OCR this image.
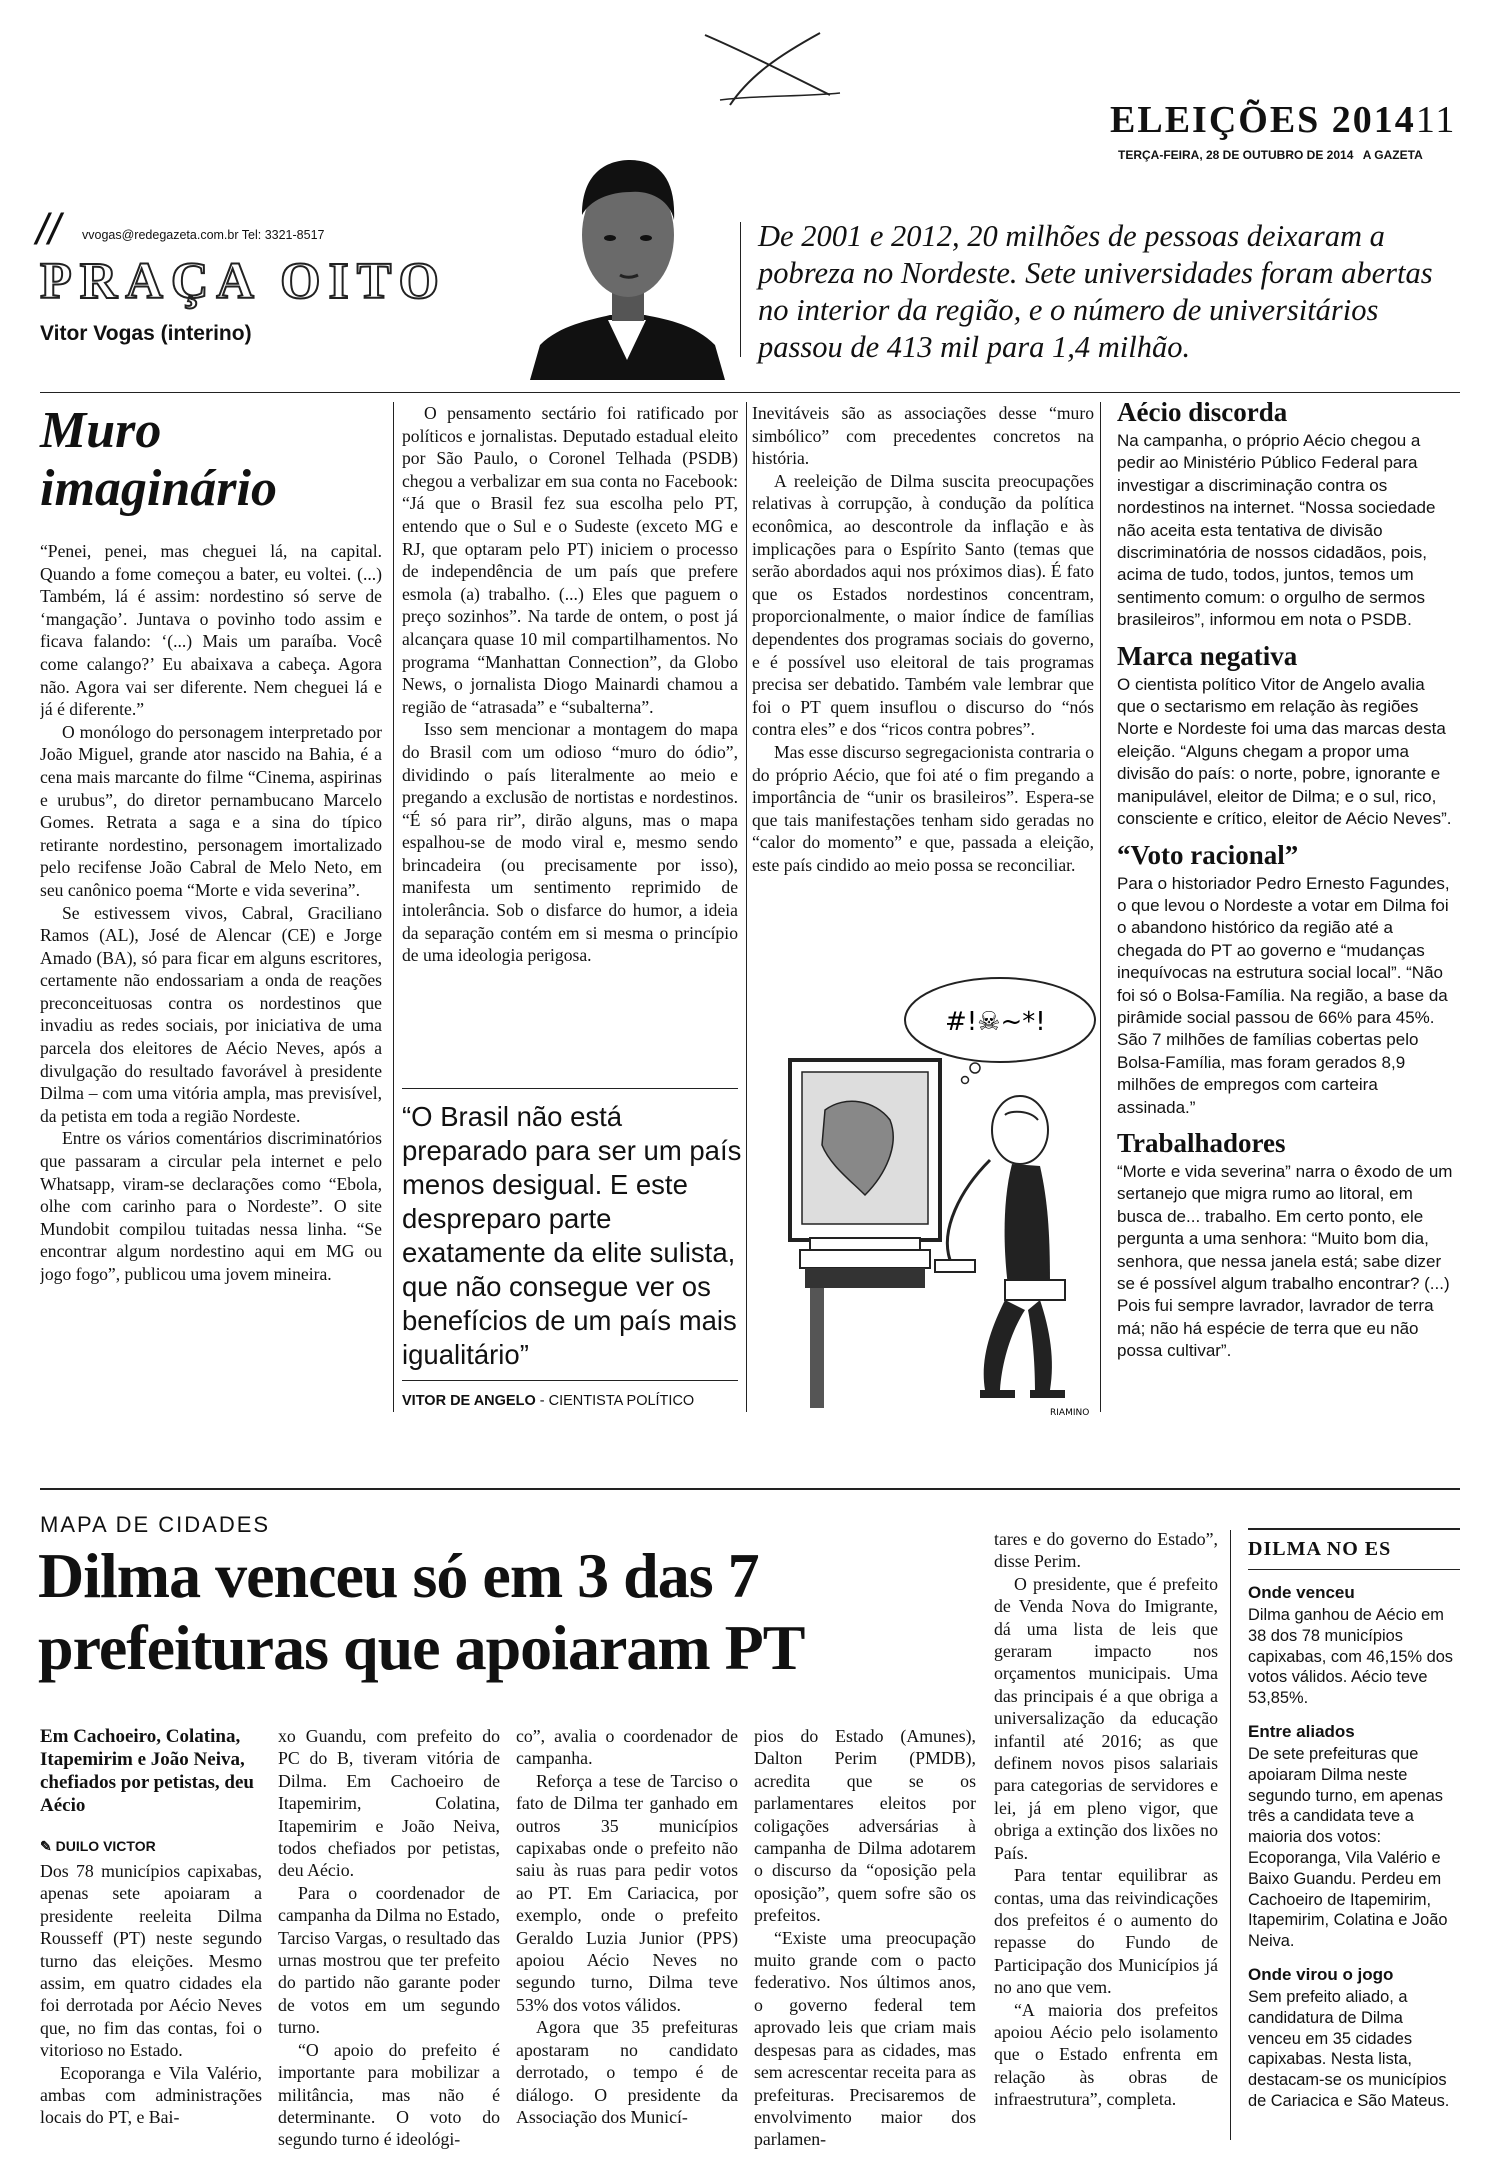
ELEIÇÕES 201411
TERÇA-FEIRA, 28 DE OUTUBRO DE 2014 A GAZETA
// vvogas@redegazeta.com.br Tel: 3321-8517
PRAÇA OITO
Vitor Vogas (interino)
De 2001 e 2012, 20 milhões de pessoas deixaram a pobreza no Nordeste. Sete universidades foram abertas no interior da região, e o número de universitários passou de 413 mil para 1,4 milhão.
Muro
imaginário

“Penei, penei, mas cheguei lá, na capital. Quando a fome começou a bater, eu voltei. (...) Também, lá é assim: nordestino só serve de ‘mangação’. Juntava o povinho todo assim e ficava falando: ‘(...) Mais um paraíba. Você come calango?’ Eu abaixava a cabeça. Agora não. Agora vai ser diferente. Nem cheguei lá e já é diferente.”

O monólogo do personagem interpretado por João Miguel, grande ator nascido na Bahia, é a cena mais marcante do filme “Cinema, aspirinas e urubus”, do diretor pernambucano Marcelo Gomes. Retrata a saga e a sina do típico retirante nordestino, personagem imortalizado pelo recifense João Cabral de Melo Neto, em seu canônico poema “Morte e vida severina”.

Se estivessem vivos, Cabral, Graciliano Ramos (AL), José de Alencar (CE) e Jorge Amado (BA), só para ficar em alguns escritores, certamente não endossariam a onda de reações preconceituosas contra os nordestinos que invadiu as redes sociais, por iniciativa de uma parcela dos eleitores de Aécio Neves, após a divulgação do resultado favorável à presidente Dilma – com uma vitória ampla, mas previsível, da petista em toda a região Nordeste.

Entre os vários comentários discriminatórios que passaram a circular pela internet e pelo Whatsapp, viram-se declarações como “Ebola, olhe com carinho para o Nordeste”. O site Mundobit compilou tuitadas nessa linha. “Se encontrar algum nordestino aqui em MG ou jogo fogo”, publicou uma jovem mineira.

O pensamento sectário foi ratificado por políticos e jornalistas. Deputado estadual eleito por São Paulo, o Coronel Telhada (PSDB) chegou a verbalizar em sua conta no Facebook: “Já que o Brasil fez sua escolha pelo PT, entendo que o Sul e o Sudeste (exceto MG e RJ, que optaram pelo PT) iniciem o processo de independência de um país que prefere esmola (a) trabalho. (...) Eles que paguem o preço sozinhos”. Na tarde de ontem, o post já alcançara quase 10 mil compartilhamentos. No programa “Manhattan Connection”, da Globo News, o jornalista Diogo Mainardi chamou a região de “atrasada” e “subalterna”.

Isso sem mencionar a montagem do mapa do Brasil com um odioso “muro do ódio”, dividindo o país literalmente ao meio e pregando a exclusão de nortistas e nordestinos. “É só para rir”, dirão alguns, mas o mapa espalhou-se de modo viral e, mesmo sendo brincadeira (ou precisamente por isso), manifesta um sentimento reprimido de intolerância. Sob o disfarce do humor, a ideia da separação contém em si mesma o princípio de uma ideologia perigosa.

“O Brasil não está preparado para ser um país menos desigual. E este despreparo parte exatamente da elite sulista, que não consegue ver os benefícios de um país mais igualitário”
VITOR DE ANGELO - CIENTISTA POLÍTICO

Inevitáveis são as associações desse “muro simbólico” com precedentes concretos na história.

A reeleição de Dilma suscita preocupações relativas à corrupção, à condução da política econômica, ao descontrole da inflação e às implicações para o Espírito Santo (temas que serão abordados aqui nos próximos dias). É fato que os Estados nordestinos concentram, proporcionalmente, o maior índice de famílias dependentes dos programas sociais do governo, e é possível uso eleitoral de tais programas precisa ser debatido. Também vale lembrar que foi o PT quem insuflou o discurso do “nós contra eles” e dos “ricos contra pobres”.

Mas esse discurso segregacionista contraria o do próprio Aécio, que foi até o fim pregando a importância de “unir os brasileiros”. Espera-se que tais manifestações tenham sido geradas no “calor do momento” e que, passada a eleição, este país cindido ao meio possa se reconciliar.

#!☠~*!
RIAMINO
Aécio discorda

Na campanha, o próprio Aécio chegou a pedir ao Ministério Público Federal para investigar a discriminação contra os nordestinos na internet. “Nossa sociedade não aceita esta tentativa de divisão discriminatória de nossos cidadãos, pois, acima de tudo, todos, juntos, temos um sentimento comum: o orgulho de sermos brasileiros”, informou em nota o PSDB.

Marca negativa

O cientista político Vitor de Angelo avalia que o sectarismo em relação às regiões Norte e Nordeste foi uma das marcas desta eleição. “Alguns chegam a propor uma divisão do país: o norte, pobre, ignorante e manipulável, eleitor de Dilma; e o sul, rico, consciente e crítico, eleitor de Aécio Neves”.

“Voto racional”

Para o historiador Pedro Ernesto Fagundes, o que levou o Nordeste a votar em Dilma foi o abandono histórico da região até a chegada do PT ao governo e “mudanças inequívocas na estrutura social local”. “Não foi só o Bolsa-Família. Na região, a base da pirâmide social passou de 66% para 45%. São 7 milhões de famílias cobertas pelo Bolsa-Família, mas foram gerados 8,9 milhões de empregos com carteira assinada.”

Trabalhadores

“Morte e vida severina” narra o êxodo de um sertanejo que migra rumo ao litoral, em busca de... trabalho. Em certo ponto, ele pergunta a uma senhora: “Muito bom dia, senhora, que nessa janela está; sabe dizer se é possível algum trabalho encontrar? (...) Pois fui sempre lavrador, lavrador de terra má; não há espécie de terra que eu não possa cultivar”.

MAPA DE CIDADES
Dilma venceu só em 3 das 7
prefeituras que apoiaram PT
Em Cachoeiro, Colatina, Itapemirim e João Neiva, chefiados por petistas, deu Aécio
✎ DUILO VICTOR

Dos 78 municípios capixabas, apenas sete apoiaram a presidente reeleita Dilma Rousseff (PT) neste segundo turno das eleições. Mesmo assim, em quatro cidades ela foi derrotada por Aécio Neves que, no fim das contas, foi o vitorioso no Estado.

Ecoporanga e Vila Valério, ambas com administrações locais do PT, e Bai-

xo Guandu, com prefeito do PC do B, tiveram vitória de Dilma. Em Cachoeiro de Itapemirim, Colatina, Itapemirim e João Neiva, todos chefiados por petistas, deu Aécio.

Para o coordenador de campanha da Dilma no Estado, Tarciso Vargas, o resultado das urnas mostrou que ter prefeito do partido não garante poder de votos em um segundo turno.

“O apoio do prefeito é importante para mobilizar a militância, mas não é determinante. O voto do segundo turno é ideológi-

co”, avalia o coordenador de campanha.

Reforça a tese de Tarciso o fato de Dilma ter ganhado em outros 35 municípios capixabas onde o prefeito não saiu às ruas para pedir votos ao PT. Em Cariacica, por exemplo, onde o prefeito Geraldo Luzia Junior (PPS) apoiou Aécio Neves no segundo turno, Dilma teve 53% dos votos válidos.

Agora que 35 prefeituras apostaram no candidato derrotado, o tempo é de diálogo. O presidente da Associação dos Municí-

pios do Estado (Amunes), Dalton Perim (PMDB), acredita que se os parlamentares eleitos por coligações adversárias à campanha de Dilma adotarem o discurso da “oposição pela oposição”, quem sofre são os prefeitos.

“Existe uma preocupação muito grande com o pacto federativo. Nos últimos anos, o governo federal tem aprovado leis que criam mais despesas para as cidades, mas sem acrescentar receita para as prefeituras. Precisaremos de envolvimento maior dos parlamen-

tares e do governo do Estado”, disse Perim.

O presidente, que é prefeito de Venda Nova do Imigrante, dá uma lista de leis que geraram impacto nos orçamentos municipais. Uma das principais é a que obriga a universalização da educação infantil até 2016; as que definem novos pisos salariais para categorias de servidores e lei, já em pleno vigor, que obriga a extinção dos lixões no País.

Para tentar equilibrar as contas, uma das reivindicações dos prefeitos é o aumento do repasse do Fundo de Participação dos Municípios já no ano que vem.

“A maioria dos prefeitos apoiou Aécio pelo isolamento que o Estado enfrenta em relação às obras de infraestrutura”, completa.

DILMA NO ES
Onde venceu
Dilma ganhou de Aécio em 38 dos 78 municípios capixabas, com 46,15% dos votos válidos. Aécio teve 53,85%.
Entre aliados
De sete prefeituras que apoiaram Dilma neste segundo turno, em apenas três a candidata teve a maioria dos votos: Ecoporanga, Vila Valério e Baixo Guandu. Perdeu em Cachoeiro de Itapemirim, Itapemirim, Colatina e João Neiva.
Onde virou o jogo
Sem prefeito aliado, a candidatura de Dilma venceu em 35 cidades capixabas. Nesta lista, destacam-se os municípios de Cariacica e São Mateus.
